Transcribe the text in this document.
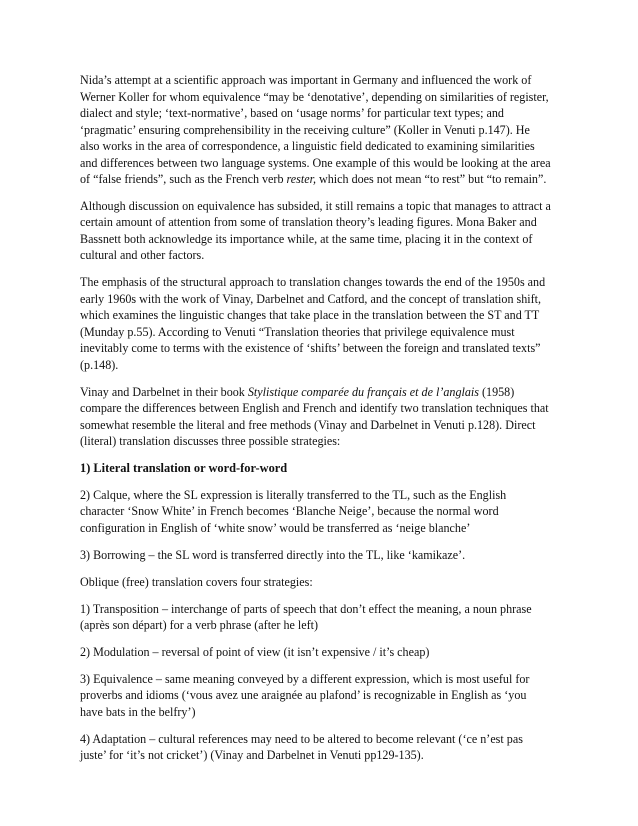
Nida’s attempt at a scientific approach was important in Germany and influenced the work of
Werner Koller for whom equivalence “may be ‘denotative’, depending on similarities of register,
dialect and style; ‘text-normative’, based on ‘usage norms’ for particular text types; and
‘pragmatic’ ensuring comprehensibility in the receiving culture” (Koller in Venuti p.147). He
also works in the area of correspondence, a linguistic field dedicated to examining similarities
and differences between two language systems. One example of this would be looking at the area
of “false friends”, such as the French verb rester, which does not mean “to rest” but “to remain”.

Although discussion on equivalence has subsided, it still remains a topic that manages to attract a
certain amount of attention from some of translation theory’s leading figures. Mona Baker and
Bassnett both acknowledge its importance while, at the same time, placing it in the context of
cultural and other factors.

The emphasis of the structural approach to translation changes towards the end of the 1950s and
early 1960s with the work of Vinay, Darbelnet and Catford, and the concept of translation shift,
which examines the linguistic changes that take place in the translation between the ST and TT
(Munday p.55). According to Venuti “Translation theories that privilege equivalence must
inevitably come to terms with the existence of ‘shifts’ between the foreign and translated texts”
(p.148).

Vinay and Darbelnet in their book Stylistique comparée du français et de l’anglais (1958)
compare the differences between English and French and identify two translation techniques that
somewhat resemble the literal and free methods (Vinay and Darbelnet in Venuti p.128). Direct
(literal) translation discusses three possible strategies:

1) Literal translation or word-for-word

2) Calque, where the SL expression is literally transferred to the TL, such as the English
character ‘Snow White’ in French becomes ‘Blanche Neige’, because the normal word
configuration in English of ‘white snow’ would be transferred as ‘neige blanche’

3) Borrowing – the SL word is transferred directly into the TL, like ‘kamikaze’.

Oblique (free) translation covers four strategies:

1) Transposition – interchange of parts of speech that don’t effect the meaning, a noun phrase
(après son départ) for a verb phrase (after he left)

2) Modulation – reversal of point of view (it isn’t expensive / it’s cheap)

3) Equivalence – same meaning conveyed by a different expression, which is most useful for
proverbs and idioms (‘vous avez une araignée au plafond’ is recognizable in English as ‘you
have bats in the belfry’)

4) Adaptation – cultural references may need to be altered to become relevant (‘ce n’est pas
juste’ for ‘it’s not cricket’) (Vinay and Darbelnet in Venuti pp129-135).
